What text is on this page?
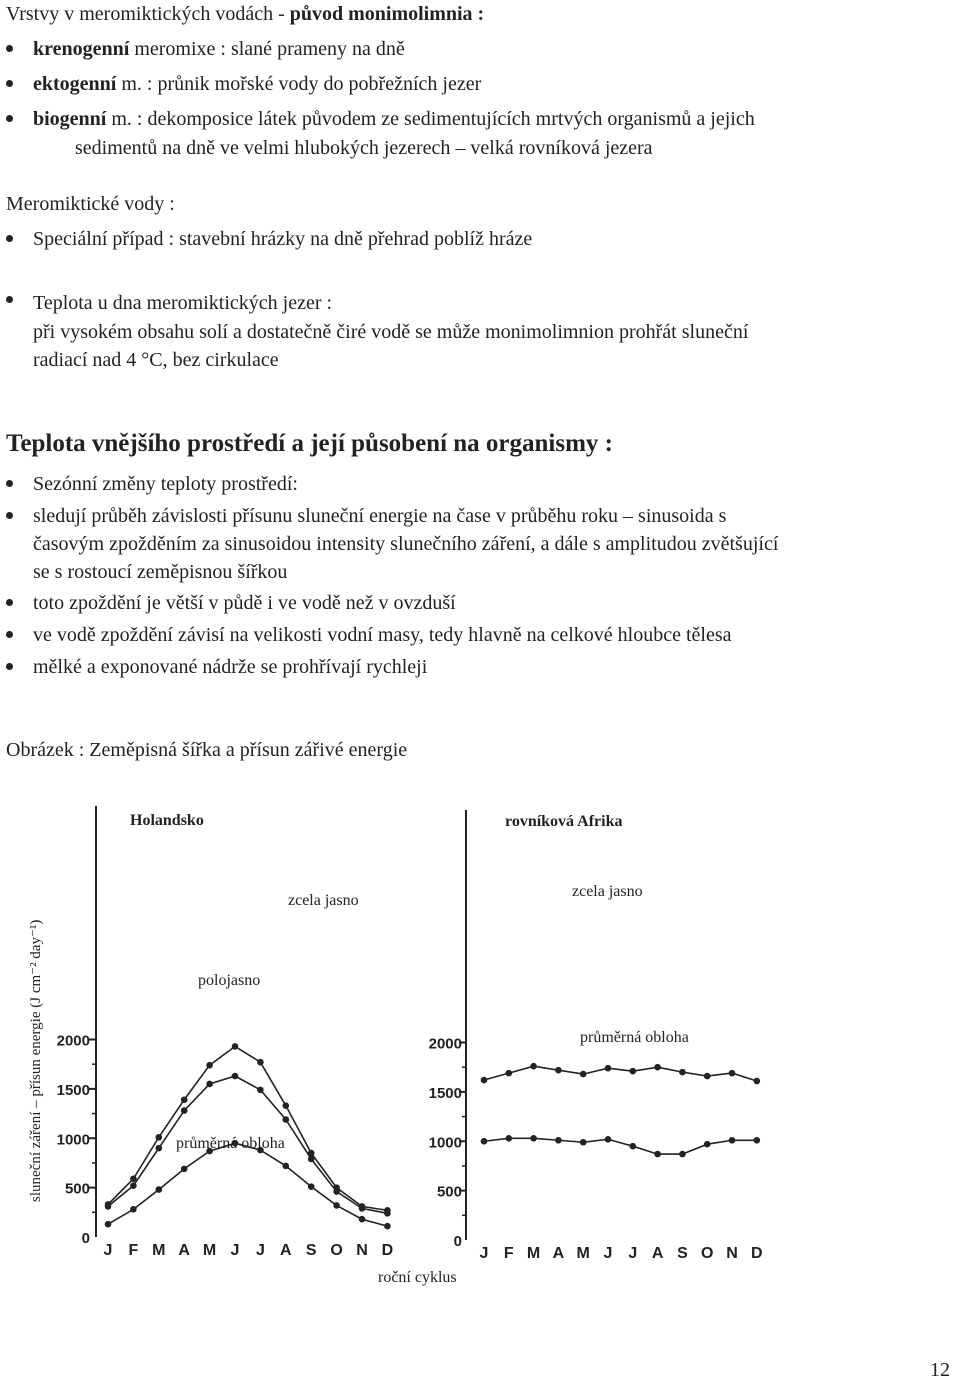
Vrstvy v meromiktických vodách - původ monimolimnia :
krenogenní meromixe : slané prameny na dně
ektogenní m. : průnik mořské vody do pobřežních jezer
biogenní m. : dekomposice látek původem ze sedimentujících mrtvých organismů a jejich
sedimentů na dně ve velmi hlubokých jezerech – velká rovníková jezera
Meromiktické vody :
Speciální případ : stavební hrázky na dně přehrad poblíž hráze
Teplota u dna meromiktických jezer :
při vysokém obsahu solí a dostatečně čiré vodě se může monimolimnion prohřát sluneční
radiací nad 4 °C, bez cirkulace
Teplota vnějšího prostředí a její působení na organismy :
Sezónní změny teploty prostředí:
sledují průběh závislosti přísunu sluneční energie na čase v průběhu roku – sinusoida s
časovým zpožděním za sinusoidou intensity slunečního záření, a dále s amplitudou zvětšující
se s rostoucí zeměpisnou šířkou
toto zpoždění je větší v půdě i ve vodě než v ovzduší
ve vodě zpoždění závisí na velikosti vodní masy, tedy hlavně na celkové hloubce tělesa
mělké a exponované nádrže se prohřívají rychleji
Obrázek : Zeměpisná šířka a přísun zářivé energie
0
500
1000
1500
2000
J F M A M J J A S O N D
Holandsko
zcela jasno
polojasno
průměrná obloha
0
500
1000
1500
2000
J F M A M J J A S O N D
rovníková Afrika
zcela jasno
průměrná obloha
sluneční záření – přísun energie (J cm⁻² day⁻¹)
roční cyklus
12
